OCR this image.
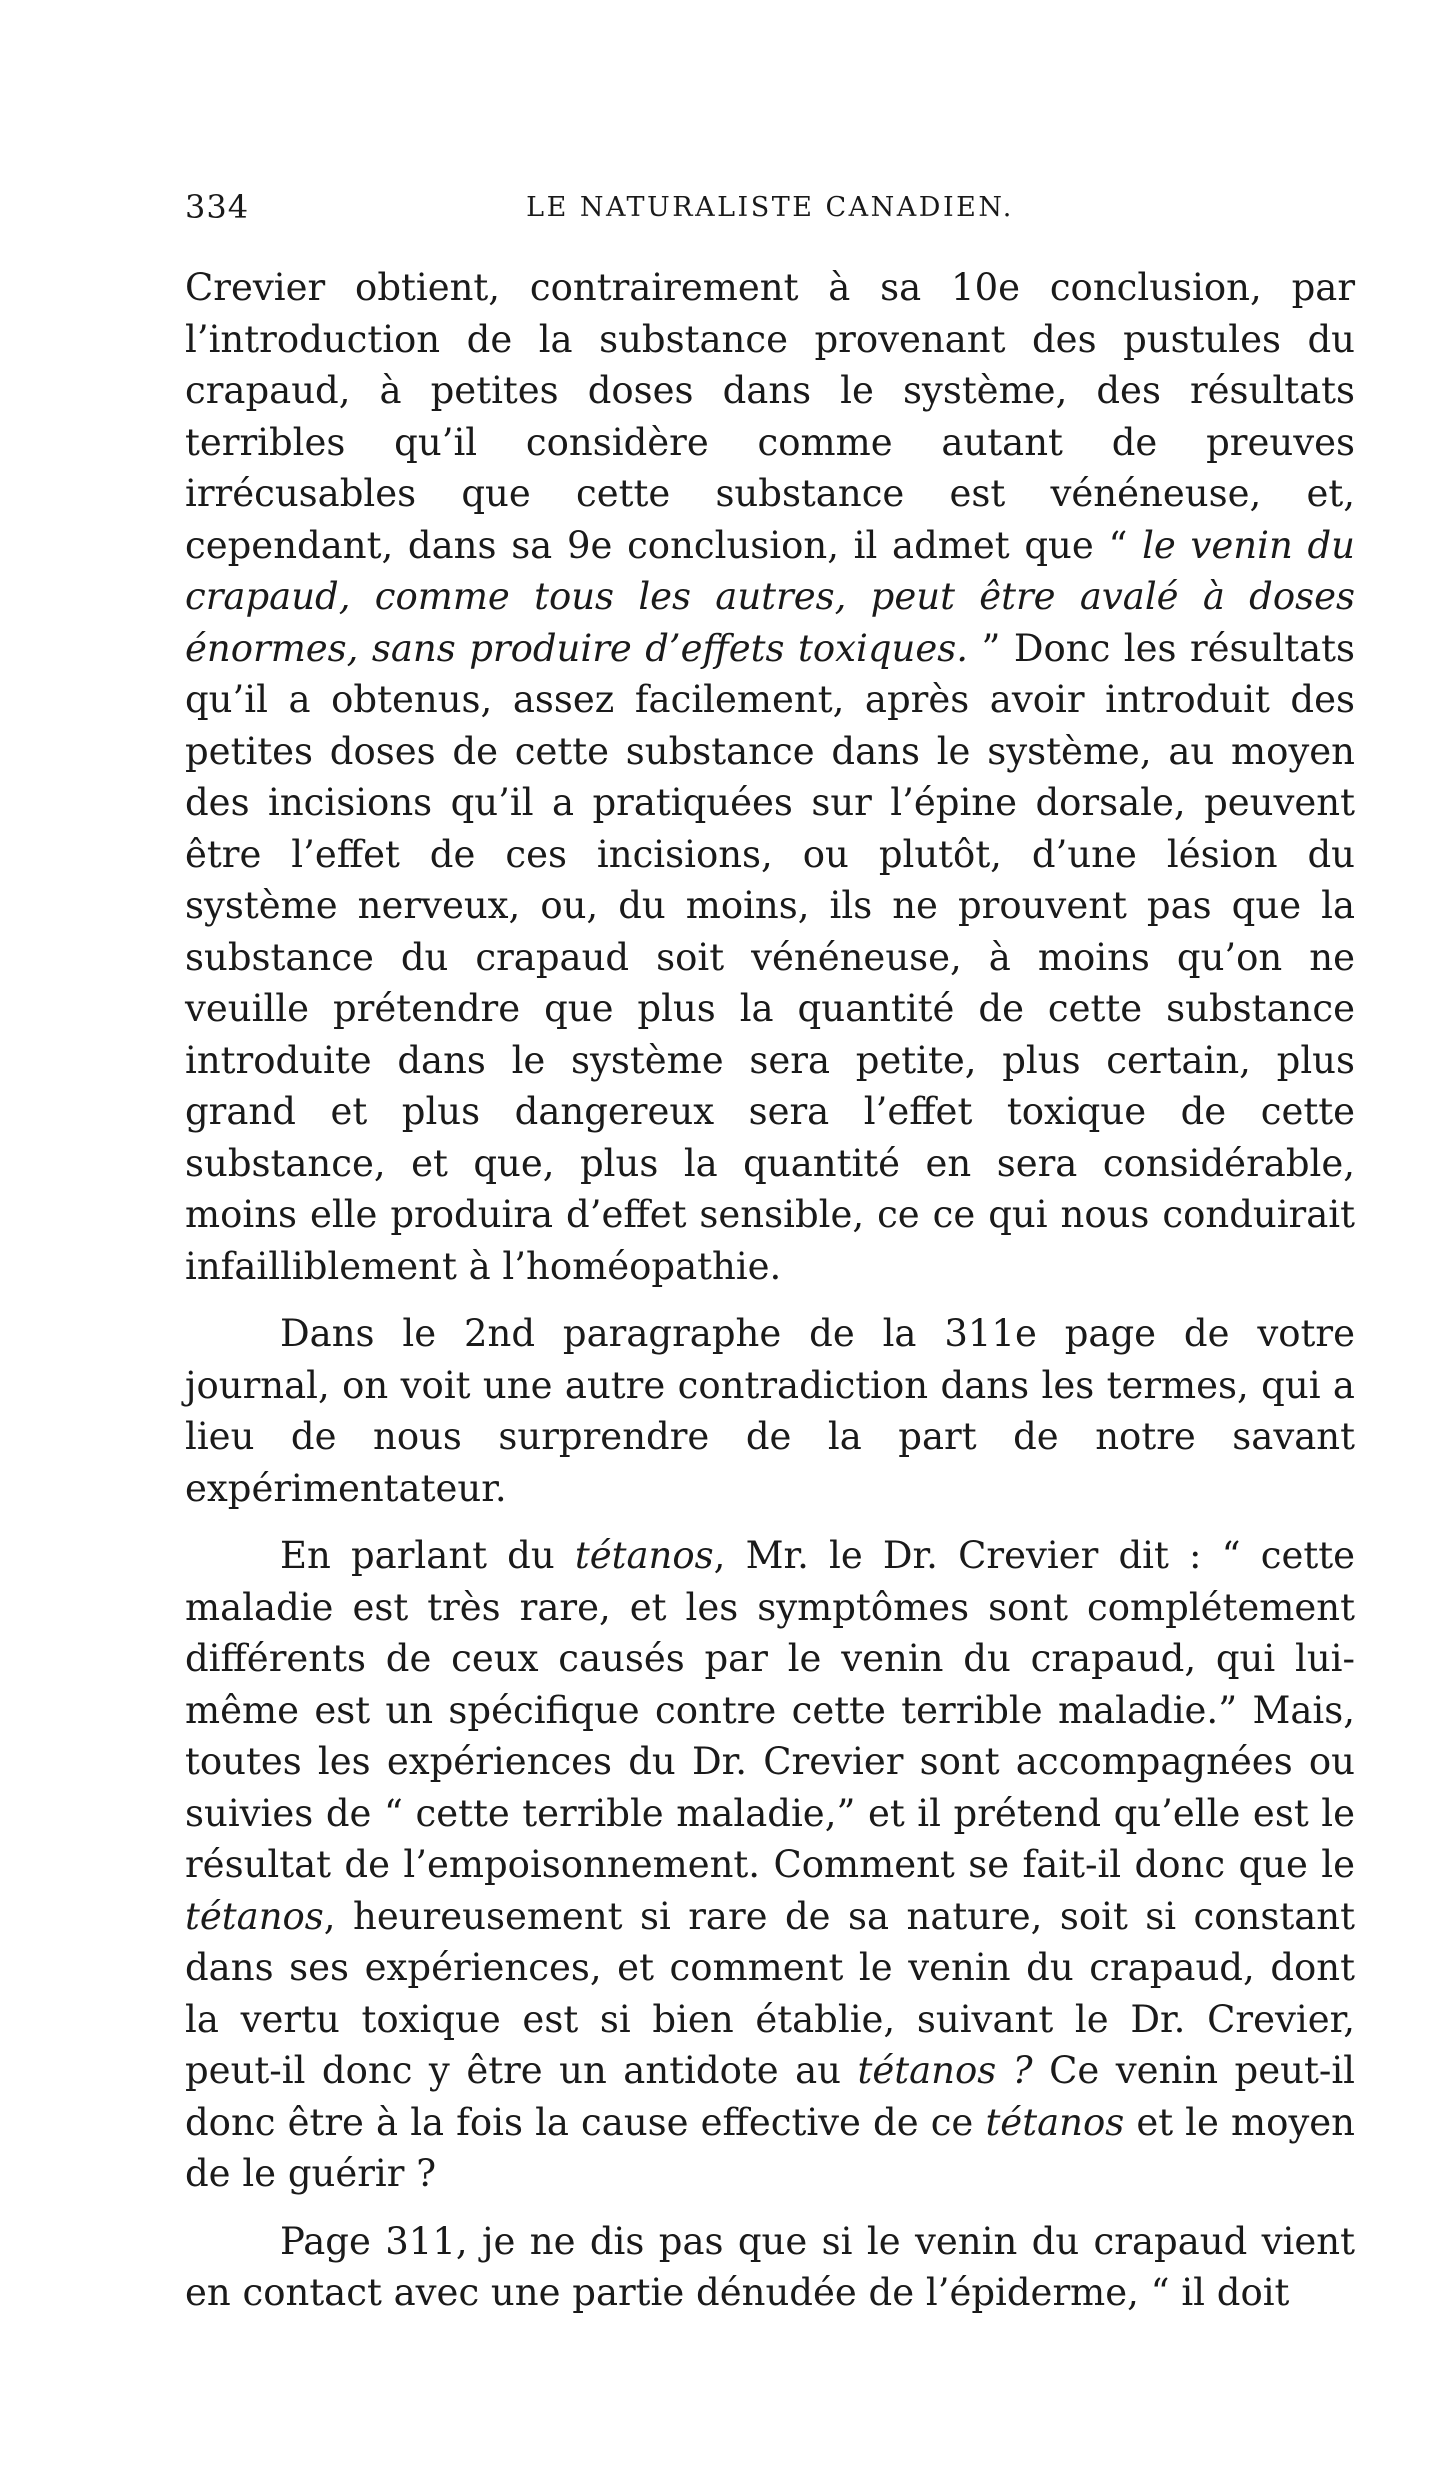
334	LE NATURALISTE CANADIEN.

Crevier obtient, contrairement à sa 10e conclusion, par l’introduction de la substance provenant des pustules du crapaud, à petites doses dans le système, des résultats terribles qu’il considère comme autant de preuves irrécusables que cette substance est vénéneuse, et, cependant, dans sa 9e conclusion, il admet que “ le venin du crapaud, comme tous les autres, peut être avalé à doses énormes, sans produire d’effets toxiques. ” Donc les résultats qu’il a obtenus, assez facilement, après avoir introduit des petites doses de cette substance dans le système, au moyen des incisions qu’il a pratiquées sur l’épine dorsale, peuvent être l’effet de ces incisions, ou plutôt, d’une lésion du système nerveux, ou, du moins, ils ne prouvent pas que la substance du crapaud soit vénéneuse, à moins qu’on ne veuille prétendre que plus la quantité de cette substance introduite dans le système sera petite, plus certain, plus grand et plus dangereux sera l’effet toxique de cette substance, et que, plus la quantité en sera considérable, moins elle produira d’effet sensible, ce ce qui nous conduirait infailliblement à l’homéopathie.

Dans le 2nd paragraphe de la 311e page de votre journal, on voit une autre contradiction dans les termes, qui a lieu de nous surprendre de la part de notre savant expérimentateur.

En parlant du tétanos, Mr. le Dr. Crevier dit : “ cette maladie est très rare, et les symptômes sont complétement différents de ceux causés par le venin du crapaud, qui lui-même est un spécifique contre cette terrible maladie.” Mais, toutes les expériences du Dr. Crevier sont accompagnées ou suivies de “ cette terrible maladie,” et il prétend qu’elle est le résultat de l’empoisonnement. Comment se fait-il donc que le tétanos, heureusement si rare de sa nature, soit si constant dans ses expériences, et comment le venin du crapaud, dont la vertu toxique est si bien établie, suivant le Dr. Crevier, peut-il donc y être un antidote au tétanos ? Ce venin peut-il donc être à la fois la cause effective de ce tétanos et le moyen de le guérir ?

Page 311, je ne dis pas que si le venin du crapaud vient en contact avec une partie dénudée de l’épiderme, “ il doit
